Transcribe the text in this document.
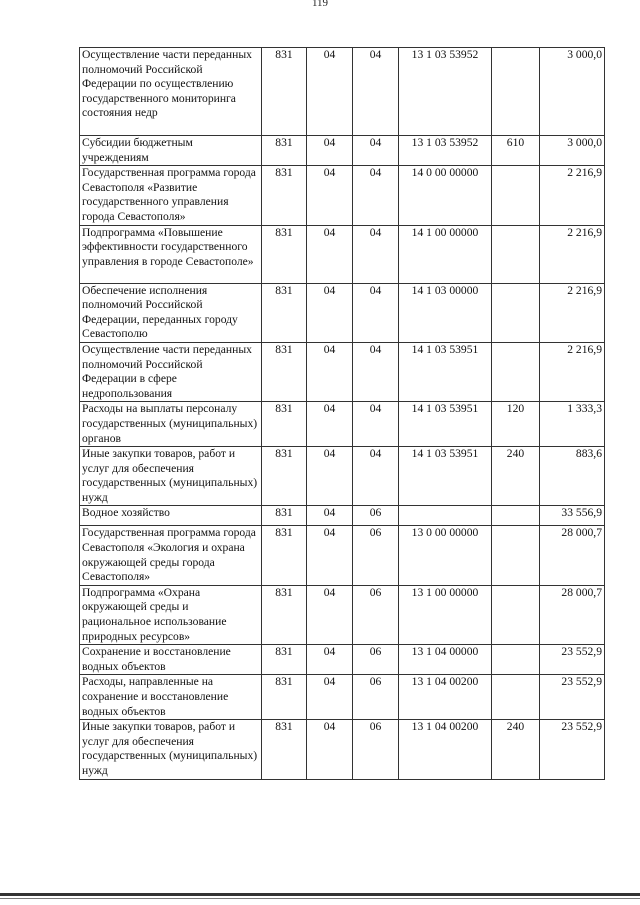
119
Осуществление части переданных полномочий Российской Федерации по осуществлению государственного мониторинга состояния недр	831	04	04	13 1 03 53952		3 000,0
Субсидии бюджетным учреждениям	831	04	04	13 1 03 53952	610	3 000,0
Государственная программа города Севастополя «Развитие государственного управления города Севастополя»	831	04	04	14 0 00 00000		2 216,9
Подпрограмма «Повышение эффективности государственного управления в городе Севастополе»	831	04	04	14 1 00 00000		2 216,9
Обеспечение исполнения полномочий Российской Федерации, переданных городу Севастополю	831	04	04	14 1 03 00000		2 216,9
Осуществление части переданных полномочий Российской Федерации в сфере недропользования	831	04	04	14 1 03 53951		2 216,9
Расходы на выплаты персоналу государственных (муниципальных) органов	831	04	04	14 1 03 53951	120	1 333,3
Иные закупки товаров, работ и услуг для обеспечения государственных (муниципальных) нужд	831	04	04	14 1 03 53951	240	883,6
Водное хозяйство	831	04	06			33 556,9
Государственная программа города Севастополя «Экология и охрана окружающей среды города Севастополя»	831	04	06	13 0 00 00000		28 000,7
Подпрограмма «Охрана окружающей среды и рациональное использование природных ресурсов»	831	04	06	13 1 00 00000		28 000,7
Сохранение и восстановление водных объектов	831	04	06	13 1 04 00000		23 552,9
Расходы, направленные на сохранение и восстановление водных объектов	831	04	06	13 1 04 00200		23 552,9
Иные закупки товаров, работ и услуг для обеспечения государственных (муниципальных) нужд	831	04	06	13 1 04 00200	240	23 552,9
